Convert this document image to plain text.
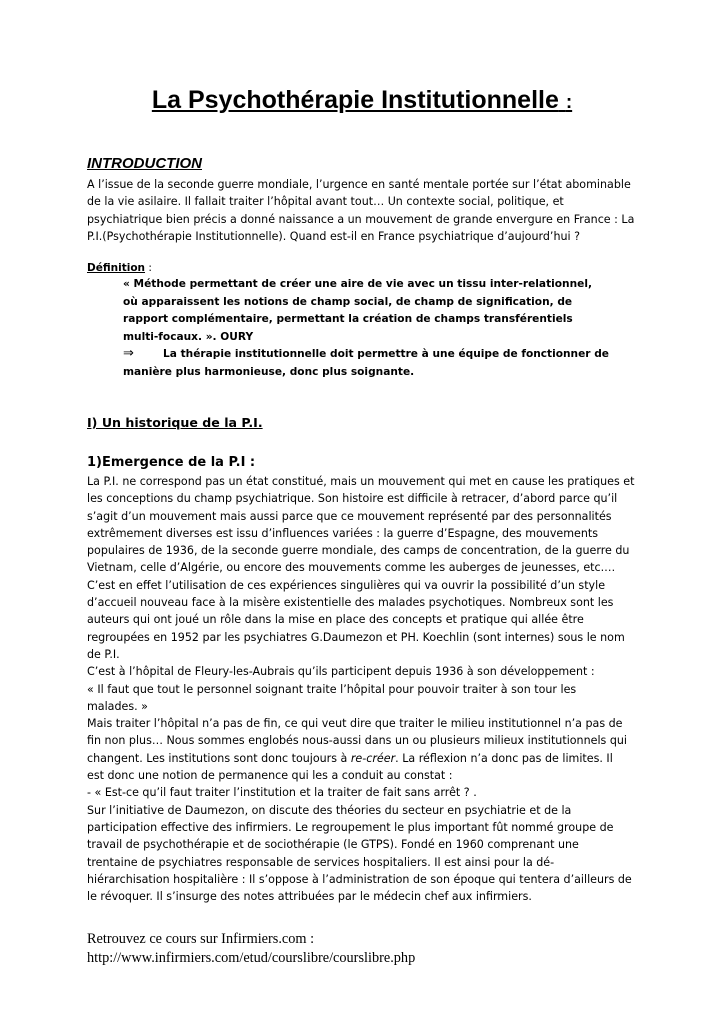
La Psychothérapie Institutionnelle :
INTRODUCTION
A l’issue de la seconde guerre mondiale, l’urgence en santé mentale portée sur l’état abominable
de la vie asilaire. Il fallait traiter l’hôpital avant tout… Un contexte social, politique, et
psychiatrique bien précis a donné naissance a un mouvement de grande envergure en France : La
P.I.(Psychothérapie Institutionnelle). Quand est-il en France psychiatrique d’aujourd’hui ?

Définition :

« Méthode permettant de créer une aire de vie avec un tissu inter-relationnel,
où apparaissent les notions de champ social, de champ de signification, de
rapport complémentaire, permettant la création de champs transférentiels
multi-focaux. ». OURY
⇒	La thérapie institutionnelle doit permettre à une équipe de fonctionner de
manière plus harmonieuse, donc plus soignante.
I) Un historique de la P.I.
1)Emergence de la P.I :
La P.I. ne correspond pas un état constitué, mais un mouvement qui met en cause les pratiques et
les conceptions du champ psychiatrique. Son histoire est difficile à retracer, d’abord parce qu’il
s’agit d’un mouvement mais aussi parce que ce mouvement représenté par des personnalités
extrêmement diverses est issu d’influences variées : la guerre d’Espagne, des mouvements
populaires de 1936, de la seconde guerre mondiale, des camps de concentration, de la guerre du
Vietnam, celle d’Algérie, ou encore des mouvements comme les auberges de jeunesses, etc.…
C’est en effet l’utilisation de ces expériences singulières qui va ouvrir la possibilité d’un style
d’accueil nouveau face à la misère existentielle des malades psychotiques. Nombreux sont les
auteurs qui ont joué un rôle dans la mise en place des concepts et pratique qui allée être
regroupées en 1952 par les psychiatres G.Daumezon et PH. Koechlin (sont internes) sous le nom
de P.I.
C’est à l’hôpital de Fleury-les-Aubrais qu’ils participent depuis 1936 à son développement :
« Il faut que tout le personnel soignant traite l’hôpital pour pouvoir traiter à son tour les
malades. »
Mais traiter l’hôpital n’a pas de fin, ce qui veut dire que traiter le milieu institutionnel n’a pas de
fin non plus… Nous sommes englobés nous-aussi dans un ou plusieurs milieux institutionnels qui
changent. Les institutions sont donc toujours à re-créer. La réflexion n’a donc pas de limites. Il
est donc une notion de permanence qui les a conduit au constat :
- « Est-ce qu’il faut traiter l’institution et la traiter de fait sans arrêt ? .
Sur l’initiative de Daumezon, on discute des théories du secteur en psychiatrie et de la
participation effective des infirmiers. Le regroupement le plus important fût nommé groupe de
travail de psychothérapie et de sociothérapie (le GTPS). Fondé en 1960 comprenant une
trentaine de psychiatres responsable de services hospitaliers. Il est ainsi pour la dé-
hiérarchisation hospitalière : Il s’oppose à l’administration de son époque qui tentera d’ailleurs de
le révoquer. Il s’insurge des notes attribuées par le médecin chef aux infirmiers.
Retrouvez ce cours sur Infirmiers.com :
http://www.infirmiers.com/etud/courslibre/courslibre.php
